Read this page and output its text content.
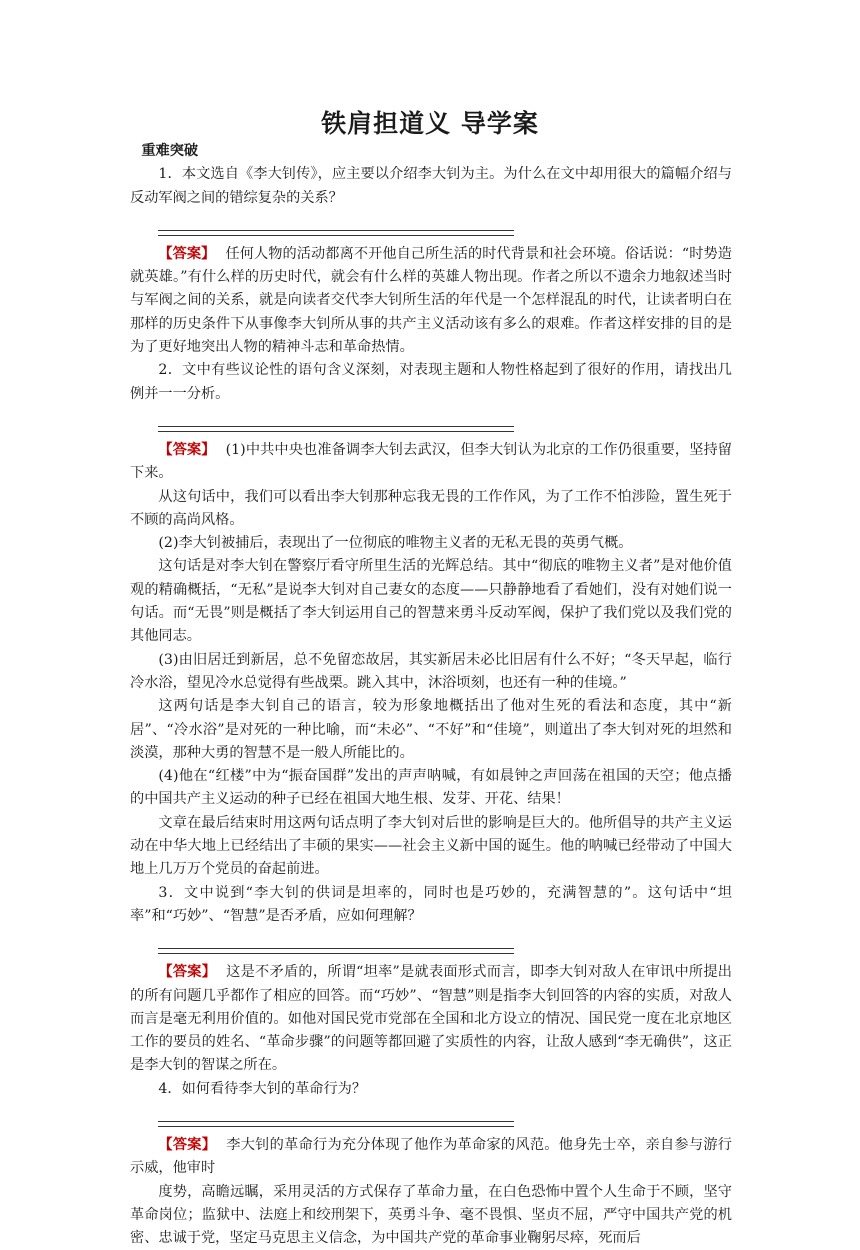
铁肩担道义 导学案

重难突破

1．本文选自《李大钊传》，应主要以介绍李大钊为主。为什么在文中却用很大的篇幅介绍与反动军阀之间的错综复杂的关系？

【答案】 任何人物的活动都离不开他自己所生活的时代背景和社会环境。俗话说：“时势造就英雄。”有什么样的历史时代，就会有什么样的英雄人物出现。作者之所以不遗余力地叙述当时与军阀之间的关系，就是向读者交代李大钊所生活的年代是一个怎样混乱的时代，让读者明白在那样的历史条件下从事像李大钊所从事的共产主义活动该有多么的艰难。作者这样安排的目的是为了更好地突出人物的精神斗志和革命热情。

2．文中有些议论性的语句含义深刻，对表现主题和人物性格起到了很好的作用，请找出几例并一一分析。

【答案】 (1)中共中央也准备调李大钊去武汉，但李大钊认为北京的工作仍很重要，坚持留下来。

从这句话中，我们可以看出李大钊那种忘我无畏的工作作风，为了工作不怕涉险，置生死于不顾的高尚风格。

(2)李大钊被捕后，表现出了一位彻底的唯物主义者的无私无畏的英勇气概。

这句话是对李大钊在警察厅看守所里生活的光辉总结。其中“彻底的唯物主义者”是对他价值观的精确概括，“无私”是说李大钊对自己妻女的态度——只静静地看了看她们，没有对她们说一句话。而“无畏”则是概括了李大钊运用自己的智慧来勇斗反动军阀，保护了我们党以及我们党的其他同志。

(3)由旧居迁到新居，总不免留恋故居，其实新居未必比旧居有什么不好；“冬天早起，临行冷水浴，望见冷水总觉得有些战栗。跳入其中，沐浴顷刻，也还有一种的佳境。”

这两句话是李大钊自己的语言，较为形象地概括出了他对生死的看法和态度，其中“新居”、“冷水浴”是对死的一种比喻，而“未必”、“不好”和“佳境”，则道出了李大钊对死的坦然和淡漠，那种大勇的智慧不是一般人所能比的。

(4)他在“红楼”中为“振奋国群”发出的声声呐喊，有如晨钟之声回荡在祖国的天空；他点播的中国共产主义运动的种子已经在祖国大地生根、发芽、开花、结果！

文章在最后结束时用这两句话点明了李大钊对后世的影响是巨大的。他所倡导的共产主义运动在中华大地上已经结出了丰硕的果实——社会主义新中国的诞生。他的呐喊已经带动了中国大地上几万万个党员的奋起前进。

3．文中说到“李大钊的供词是坦率的，同时也是巧妙的，充满智慧的”。这句话中“坦率”和“巧妙”、“智慧”是否矛盾，应如何理解？

【答案】 这是不矛盾的，所谓“坦率”是就表面形式而言，即李大钊对敌人在审讯中所提出的所有问题几乎都作了相应的回答。而“巧妙”、“智慧”则是指李大钊回答的内容的实质，对敌人而言是毫无利用价值的。如他对国民党市党部在全国和北方设立的情况、国民党一度在北京地区工作的要员的姓名、“革命步骤”的问题等都回避了实质性的内容，让敌人感到“李无确供”，这正是李大钊的智谋之所在。

4．如何看待李大钊的革命行为？

【答案】 李大钊的革命行为充分体现了他作为革命家的风范。他身先士卒，亲自参与游行示威，他审时

度势，高瞻远瞩，采用灵活的方式保存了革命力量，在白色恐怖中置个人生命于不顾，坚守革命岗位；监狱中、法庭上和绞刑架下，英勇斗争、毫不畏惧、坚贞不屈，严守中国共产党的机密、忠诚于党，坚定马克思主义信念，为中国共产党的革命事业鞠躬尽瘁，死而后
